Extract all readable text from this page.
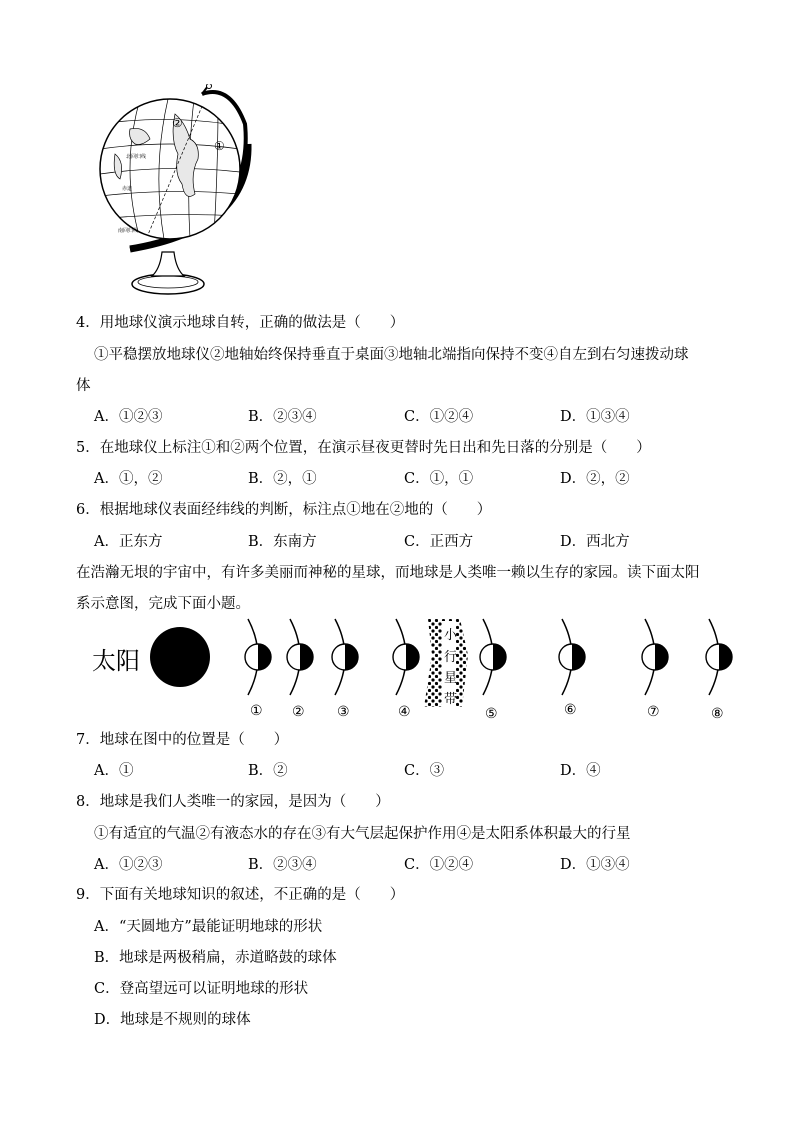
北回归线
赤道
南回归线
②
①
4．用地球仪演示地球自转，正确的做法是（　　）
①平稳摆放地球仪②地轴始终保持垂直于桌面③地轴北端指向保持不变④自左到右匀速拨动球
体
A．①②③	B．②③④	C．①②④	D．①③④
5．在地球仪上标注①和②两个位置，在演示昼夜更替时先日出和先日落的分别是（　　）
A．①，②	B．②，①	C．①，①	D．②，②
6．根据地球仪表面经纬线的判断，标注点①地在②地的（　　）
A．正东方	B．东南方	C．正西方	D．西北方
在浩瀚无垠的宇宙中，有许多美丽而神秘的星球，而地球是人类唯一赖以生存的家园。读下面太阳
系示意图，完成下面小题。
太阳
① ② ③	④	⑤	⑥	⑦	⑧
小
行
星
带
7．地球在图中的位置是（　　）
A．①	B．②	C．③	D．④
8．地球是我们人类唯一的家园，是因为（　　）
①有适宜的气温②有液态水的存在③有大气层起保护作用④是太阳系体积最大的行星
A．①②③	B．②③④	C．①②④	D．①③④
9．下面有关地球知识的叙述，不正确的是（　　）
A．“天圆地方”最能证明地球的形状
B．地球是两极稍扁，赤道略鼓的球体
C．登高望远可以证明地球的形状
D．地球是不规则的球体
